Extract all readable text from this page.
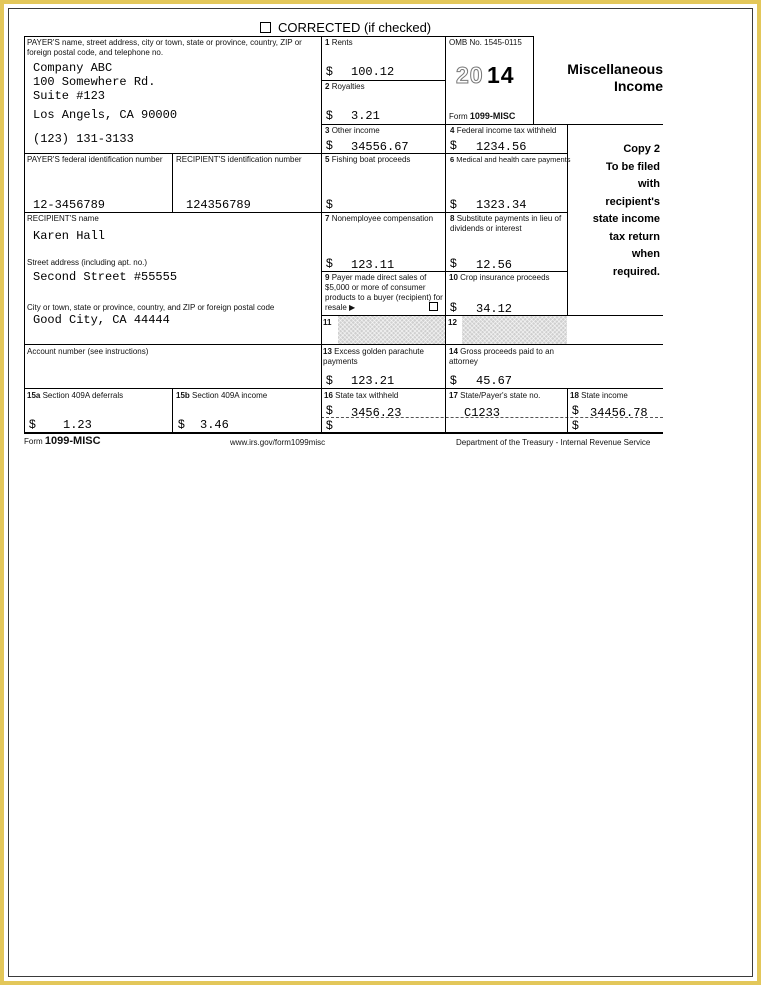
CORRECTED (if checked)
PAYER'S name, street address, city or town, state or province, country, ZIP or foreign postal code, and telephone no.
Company ABC
100 Somewhere Rd.
Suite #123
Los Angels, CA 90000
(123) 131-3133
PAYER'S federal identification number
12-3456789
RECIPIENT'S identification number
124356789
RECIPIENT'S name
Karen Hall
Street address (including apt. no.)
Second Street #55555
City or town, state or province, country, and ZIP or foreign postal code
Good City, CA 44444
Account number (see instructions)
1 Rents
$ 100.12
2 Royalties
$ 3.21
OMB No. 1545-0115
20 14
Form 1099-MISC
Miscellaneous
Income
3 Other income
$ 34556.67
4 Federal income tax withheld
$ 1234.56	Copy 2
To be filed
with
recipient's
state income
tax return
when
required.
5 Fishing boat proceeds
$
6 Medical and health care payments
$ 1323.34
7 Nonemployee compensation
$ 123.11
8 Substitute payments in lieu of dividends or interest
$ 12.56
9 Payer made direct sales of $5,000 or more of consumer products to a buyer (recipient) for resale ▶
10 Crop insurance proceeds
$ 34.12
11	12
13 Excess golden parachute payments
$ 123.21
14 Gross proceeds paid to an attorney
$ 45.67
15a Section 409A deferrals
$ 1.23
15b Section 409A income
$ 3.46
16 State tax withheld
$ 3456.23
$
17 State/Payer's state no.
C1233
18 State income
$ 34456.78
$
Form 1099-MISC	www.irs.gov/form1099misc	Department of the Treasury - Internal Revenue Service
